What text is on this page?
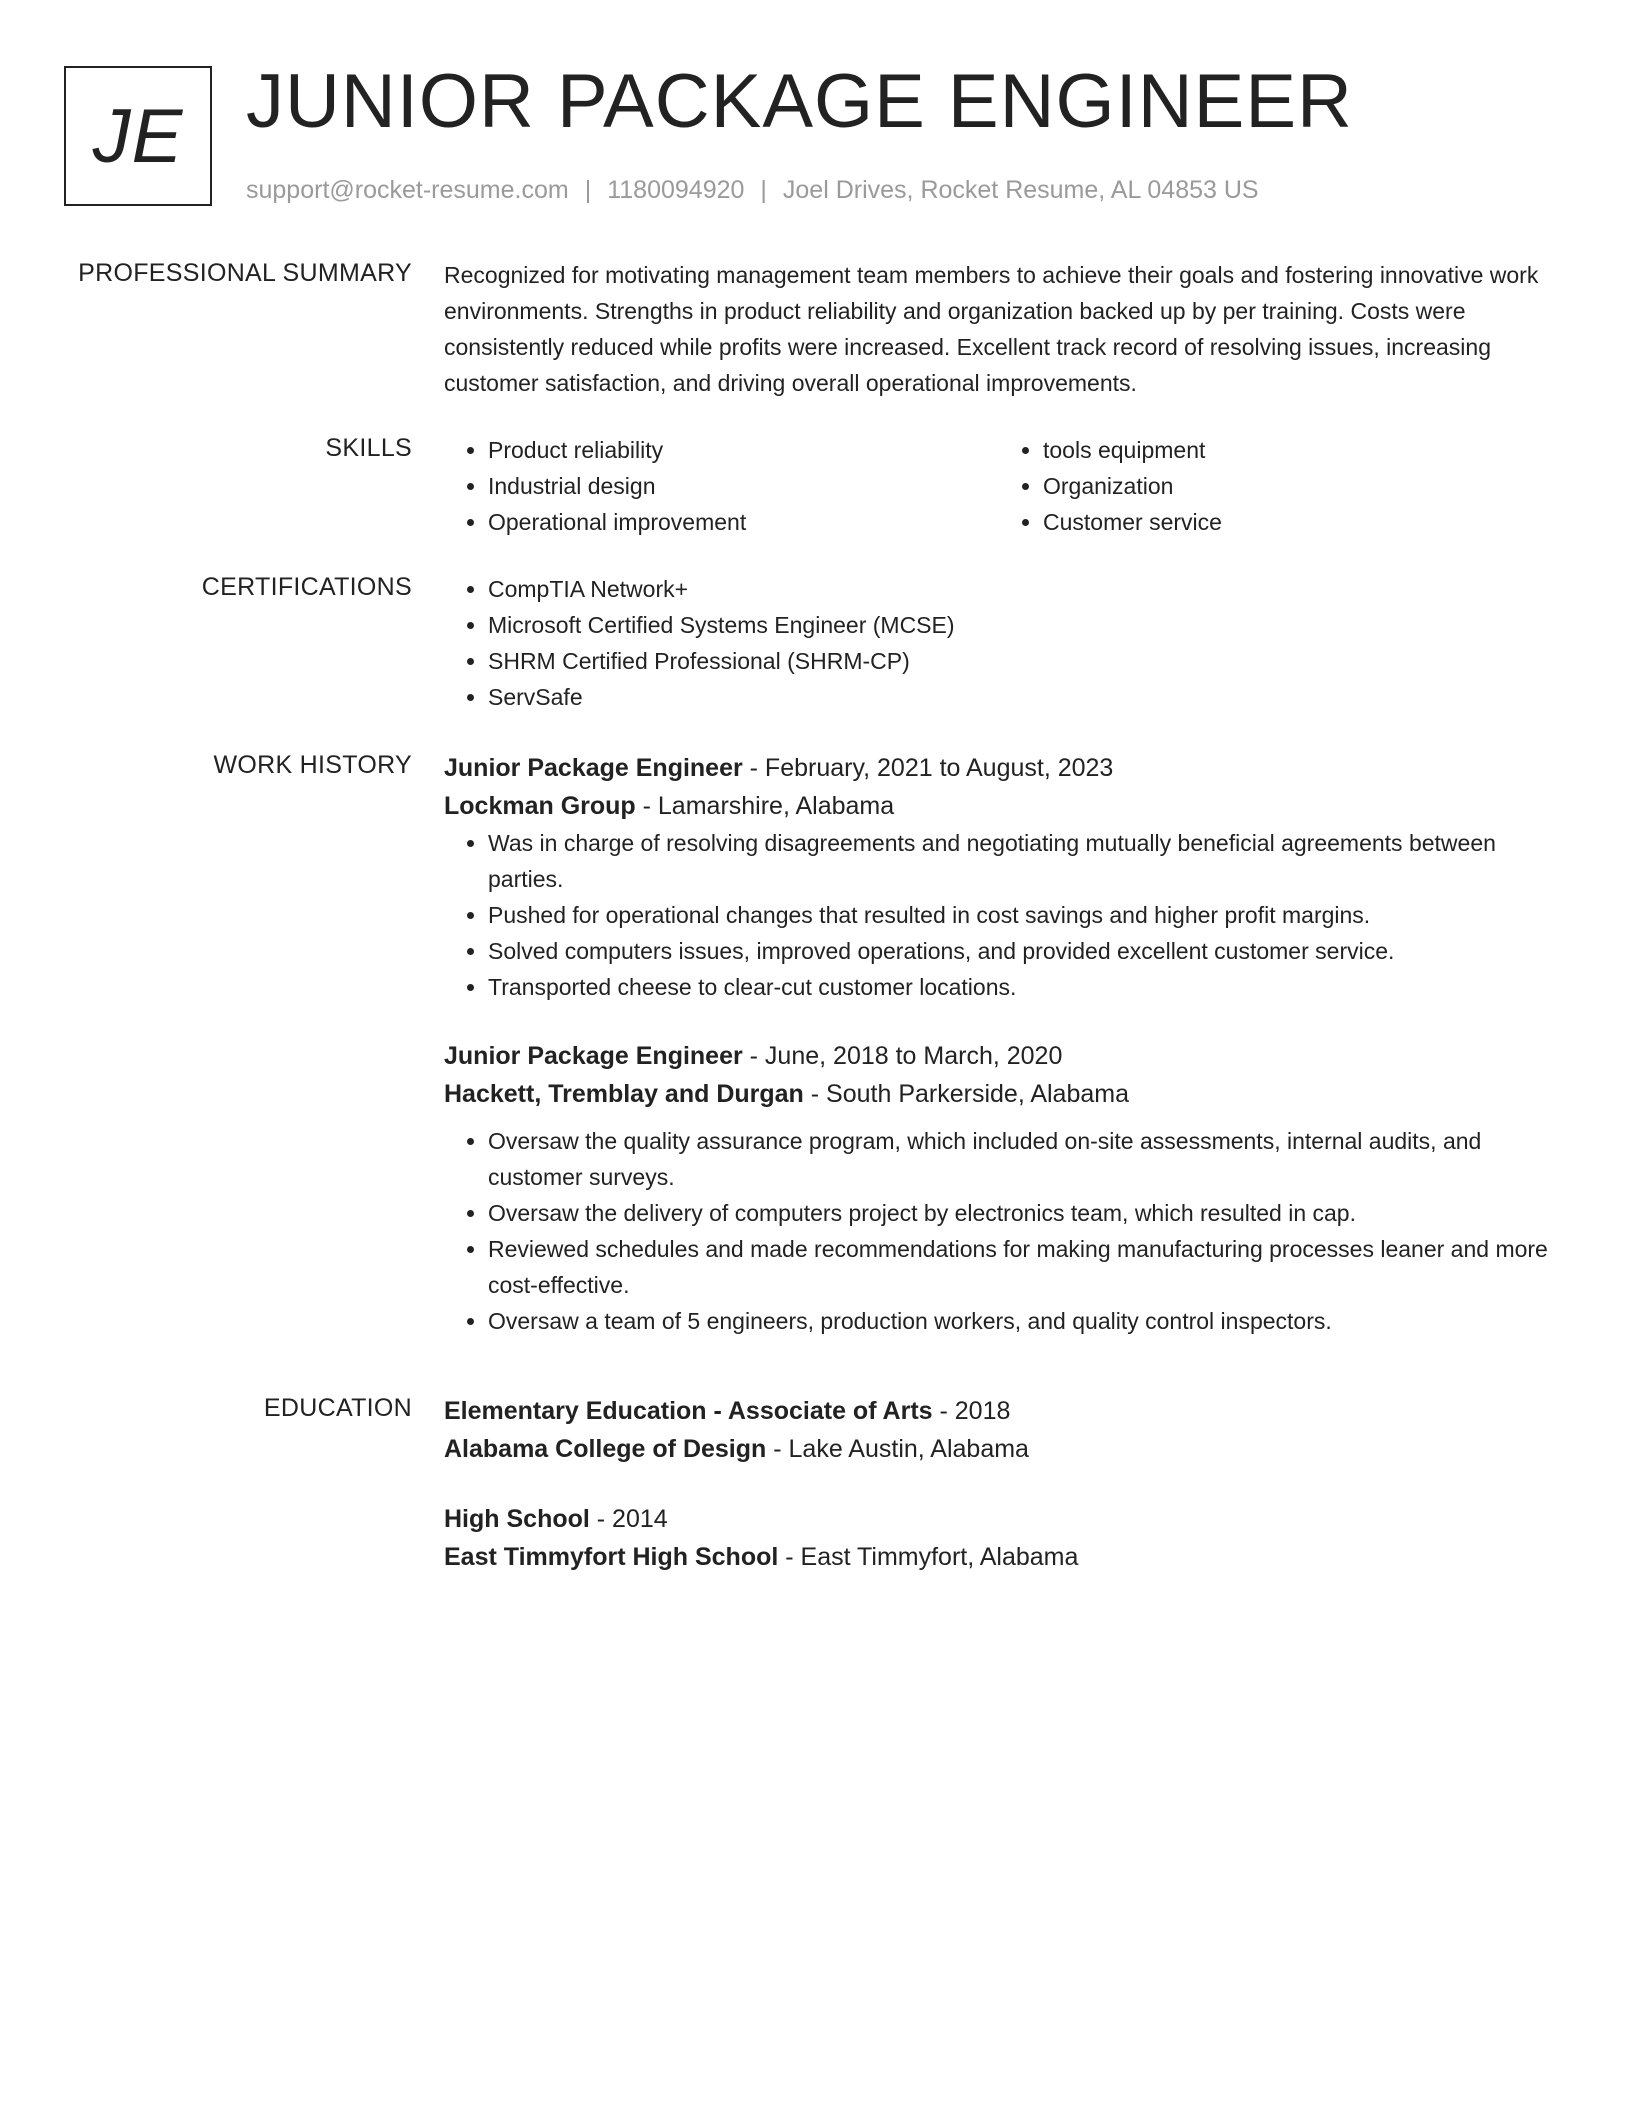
JE JUNIOR PACKAGE ENGINEER
support@rocket-resume.com | 1180094920 | Joel Drives, Rocket Resume, AL 04853 US
PROFESSIONAL SUMMARY Recognized for motivating management team members to achieve their goals and fostering innovative work environments. Strengths in product reliability and organization backed up by per training. Costs were consistently reduced while profits were increased. Excellent track record of resolving issues, increasing customer satisfaction, and driving overall operational improvements.
SKILLS	• Product reliability
• Industrial design
• Operational improvement
• tools equipment
• Organization
• Customer service
CERTIFICATIONS	• CompTIA Network+
• Microsoft Certified Systems Engineer (MCSE)
• SHRM Certified Professional (SHRM-CP)
• ServSafe
WORK HISTORY Junior Package Engineer - February, 2021 to August, 2023
Lockman Group - Lamarshire, Alabama
• Was in charge of resolving disagreements and negotiating mutually beneficial agreements between parties.
• Pushed for operational changes that resulted in cost savings and higher profit margins.
• Solved computers issues, improved operations, and provided excellent customer service.
• Transported cheese to clear-cut customer locations.
Junior Package Engineer - June, 2018 to March, 2020
Hackett, Tremblay and Durgan - South Parkerside, Alabama
• Oversaw the quality assurance program, which included on-site assessments, internal audits, and customer surveys.
• Oversaw the delivery of computers project by electronics team, which resulted in cap.
• Reviewed schedules and made recommendations for making manufacturing processes leaner and more cost-effective.
• Oversaw a team of 5 engineers, production workers, and quality control inspectors.
EDUCATION Elementary Education - Associate of Arts - 2018
Alabama College of Design - Lake Austin, Alabama
High School - 2014
East Timmyfort High School - East Timmyfort, Alabama
